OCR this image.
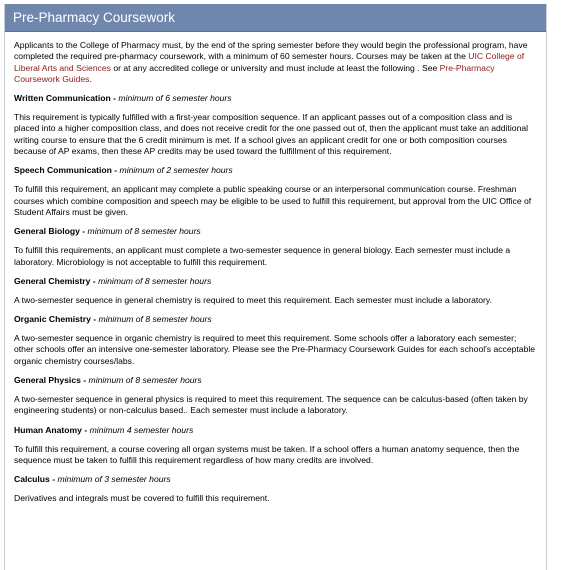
Pre-Pharmacy Coursework

Applicants to the College of Pharmacy must, by the end of the spring semester before they would begin the professional program, have completed the required pre-pharmacy coursework, with a minimum of 60 semester hours. Courses may be taken at the UIC College of Liberal Arts and Sciences or at any accredited college or university and must include at least the following . See Pre-Pharmacy Coursework Guides.

Written Communication - minimum of 6 semester hours

This requirement is typically fulfilled with a first-year composition sequence. If an applicant passes out of a composition class and is placed into a higher composition class, and does not receive credit for the one passed out of, then the applicant must take an additional writing course to ensure that the 6 credit minimum is met. If a school gives an applicant credit for one or both composition courses because of AP exams, then these AP credits may be used toward the fulfillment of this requirement.

Speech Communication - minimum of 2 semester hours

To fulfill this requirement, an applicant may complete a public speaking course or an interpersonal communication course. Freshman courses which combine composition and speech may be eligible to be used to fulfill this requirement, but approval from the UIC Office of Student Affairs must be given.

General Biology - minimum of 8 semester hours

To fulfill this requirements, an applicant must complete a two-semester sequence in general biology. Each semester must include a laboratory. Microbiology is not acceptable to fulfill this requirement.

General Chemistry - minimum of 8 semester hours

A two-semester sequence in general chemistry is required to meet this requirement. Each semester must include a laboratory.

Organic Chemistry - minimum of 8 semester hours

A two-semester sequence in organic chemistry is required to meet this requirement. Some schools offer a laboratory each semester; other schools offer an intensive one-semester laboratory. Please see the Pre-Pharmacy Coursework Guides for each school's acceptable organic chemistry courses/labs.

General Physics - minimum of 8 semester hours

A two-semester sequence in general physics is required to meet this requirement. The sequence can be calculus-based (often taken by engineering students) or non-calculus based.. Each semester must include a laboratory.

Human Anatomy - minimum 4 semester hours

To fulfill this requirement, a course covering all organ systems must be taken. If a school offers a human anatomy sequence, then the sequence must be taken to fulfill this requirement regardless of how many credits are involved.

Calculus - minimum of 3 semester hours

Derivatives and integrals must be covered to fulfill this requirement.
